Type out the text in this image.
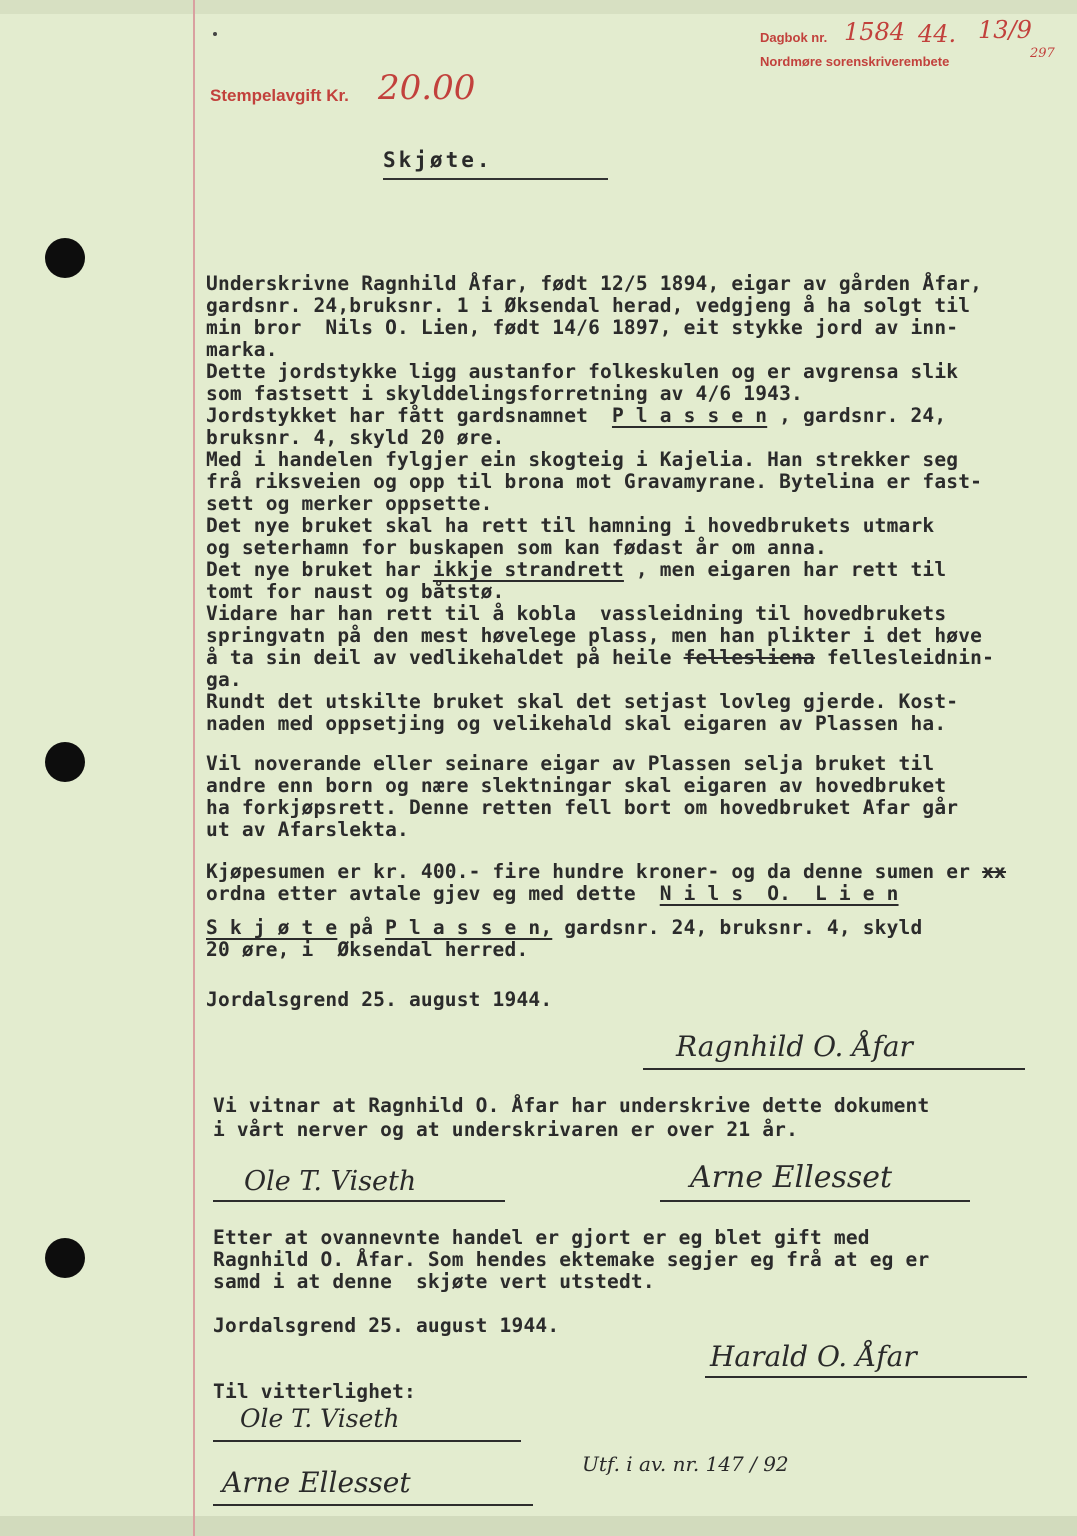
Stempelavgift Kr. 20.00
Dagbok nr. 1584 44. 13/9
297
Nordmøre sorenskriverembete
Skjøte.
Underskrivne Ragnhild Åfar, født 12/5 1894, eigar av gården Åfar,
gardsnr. 24,bruksnr. 1 i Øksendal herad, vedgjeng å ha solgt til
min bror  Nils O. Lien, født 14/6 1897, eit stykke jord av inn-
marka.
Dette jordstykke ligg austanfor folkeskulen og er avgrensa slik
som fastsett i skylddelingsforretning av 4/6 1943.
Jordstykket har fått gardsnamnet  P l a s s e n , gardsnr. 24,
bruksnr. 4, skyld 20 øre.
Med i handelen fylgjer ein skogteig i Kajelia. Han strekker seg
frå riksveien og opp til brona mot Gravamyrane. Bytelina er fast-
sett og merker oppsette.
Det nye bruket skal ha rett til hamning i hovedbrukets utmark
og seterhamn for buskapen som kan fødast år om anna.
Det nye bruket har ikkje strandrett , men eigaren har rett til
tomt for naust og båtstø.
Vidare har han rett til å kobla  vassleidning til hovedbrukets
springvatn på den mest høvelege plass, men han plikter i det høve
å ta sin deil av vedlikehaldet på heile fellesliena fellesleidnin-
ga.
Rundt det utskilte bruket skal det setjast lovleg gjerde. Kost-
naden med oppsetjing og velikehald skal eigaren av Plassen ha.
Vil noverande eller seinare eigar av Plassen selja bruket til
andre enn born og nære slektningar skal eigaren av hovedbruket
ha forkjøpsrett. Denne retten fell bort om hovedbruket Afar går
ut av Afarslekta.
Kjøpesumen er kr. 400.- fire hundre kroner- og da denne sumen er xx
ordna etter avtale gjev eg med dette  N i l s  O.  L i e n
S k j ø t e på P l a s s e n, gardsnr. 24, bruksnr. 4, skyld
20 øre, i  Øksendal herred.
Jordalsgrend 25. august 1944.
Ragnhild O. Åfar
Vi vitnar at Ragnhild O. Åfar har underskrive dette dokument
i vårt nerver og at underskrivaren er over 21 år.
Ole T. Viseth	Arne Ellesset
Etter at ovannevnte handel er gjort er eg blet gift med
Ragnhild O. Åfar. Som hendes ektemake segjer eg frå at eg er
samd i at denne  skjøte vert utstedt.
Jordalsgrend 25. august 1944.
Harald O. Åfar
Til vitterlighet:
Ole T. Viseth
Arne Ellesset
Utf. i av. nr. 147 / 92
